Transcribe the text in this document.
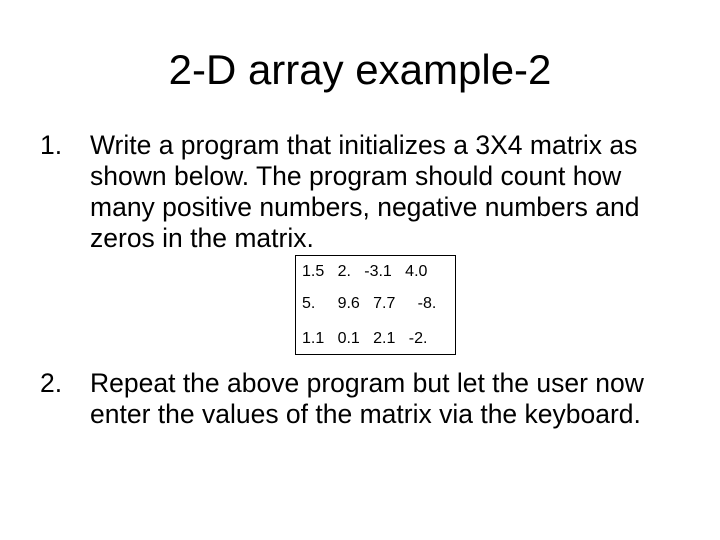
2-D array example-2
1. Write a program that initializes a 3X4 matrix as
shown below. The program should count how
many positive numbers, negative numbers and
zeros in the matrix.
1.5   2.   -3.1   4.0
5.     9.6   7.7     -8.
1.1   0.1   2.1   -2.
2. Repeat the above program but let the user now
enter the values of the matrix via the keyboard.
